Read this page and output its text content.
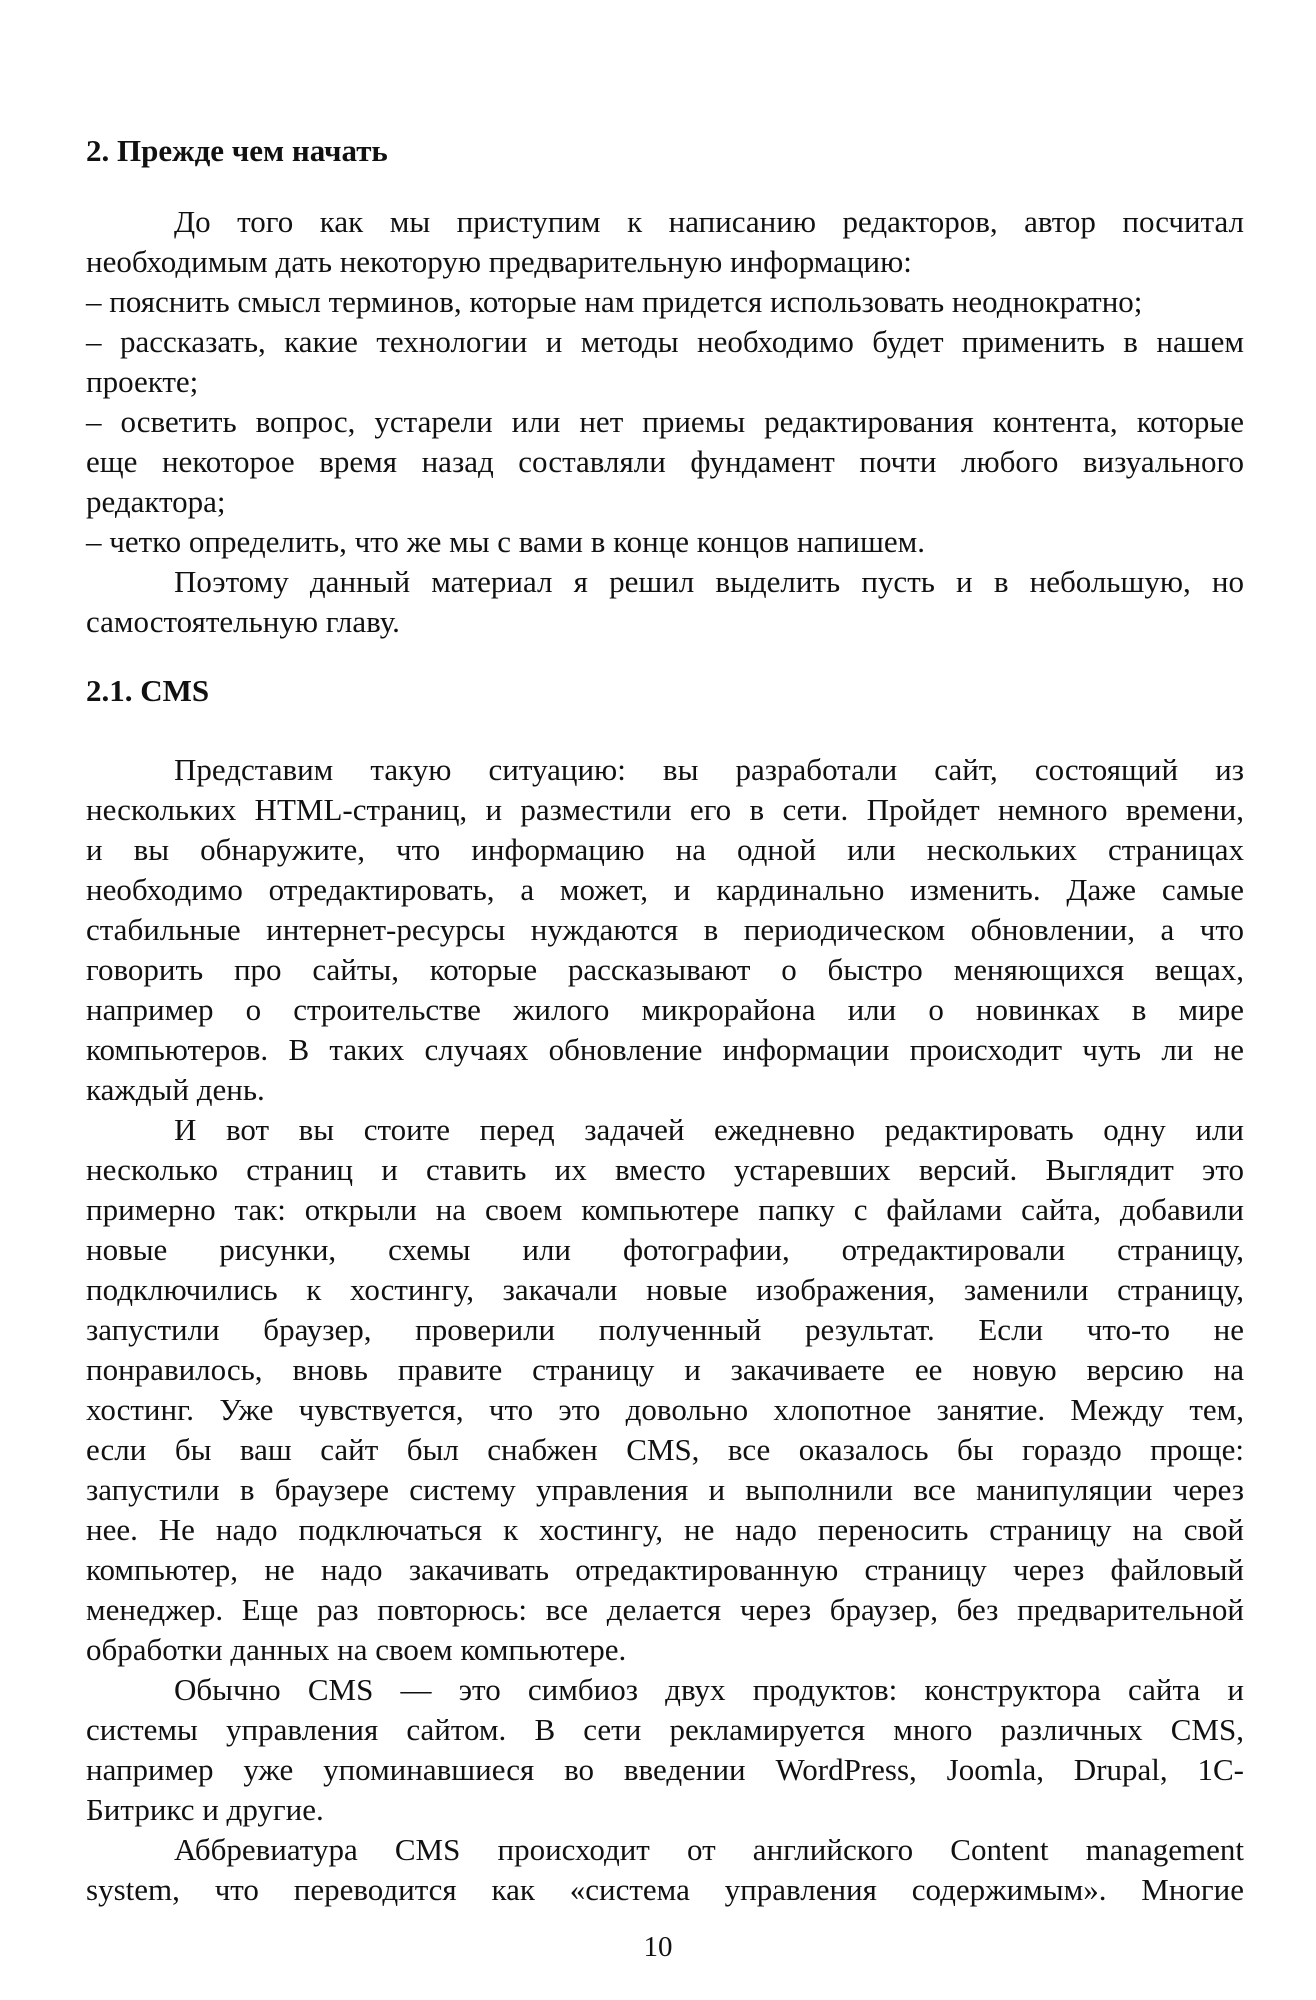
2. Прежде чем начать
До того как мы приступим к написанию редакторов, автор посчитал
необходимым дать некоторую предварительную информацию:
– пояснить смысл терминов, которые нам придется использовать неоднократно;
– рассказать, какие технологии и методы необходимо будет применить в нашем
проекте;
– осветить вопрос, устарели или нет приемы редактирования контента, которые
еще некоторое время назад составляли фундамент почти любого визуального
редактора;
– четко определить, что же мы с вами в конце концов напишем.
Поэтому данный материал я решил выделить пусть и в небольшую, но
самостоятельную главу.
2.1. CMS
Представим такую ситуацию: вы разработали сайт, состоящий из
нескольких HTML-страниц, и разместили его в сети. Пройдет немного времени,
и вы обнаружите, что информацию на одной или нескольких страницах
необходимо отредактировать, а может, и кардинально изменить. Даже самые
стабильные интернет-ресурсы нуждаются в периодическом обновлении, а что
говорить про сайты, которые рассказывают о быстро меняющихся вещах,
например о строительстве жилого микрорайона или о новинках в мире
компьютеров. В таких случаях обновление информации происходит чуть ли не
каждый день.
И вот вы стоите перед задачей ежедневно редактировать одну или
несколько страниц и ставить их вместо устаревших версий. Выглядит это
примерно так: открыли на своем компьютере папку с файлами сайта, добавили
новые рисунки, схемы или фотографии, отредактировали страницу,
подключились к хостингу, закачали новые изображения, заменили страницу,
запустили браузер, проверили полученный результат. Если что-то не
понравилось, вновь правите страницу и закачиваете ее новую версию на
хостинг. Уже чувствуется, что это довольно хлопотное занятие. Между тем,
если бы ваш сайт был снабжен CMS, все оказалось бы гораздо проще:
запустили в браузере систему управления и выполнили все манипуляции через
нее. Не надо подключаться к хостингу, не надо переносить страницу на свой
компьютер, не надо закачивать отредактированную страницу через файловый
менеджер. Еще раз повторюсь: все делается через браузер, без предварительной
обработки данных на своем компьютере.
Обычно CMS — это симбиоз двух продуктов: конструктора сайта и
системы управления сайтом. В сети рекламируется много различных CMS,
например уже упоминавшиеся во введении WordPress, Joomla, Drupal, 1С-
Битрикс и другие.
Аббревиатура CMS происходит от английского Content management
system, что переводится как «система управления содержимым». Многие
10
